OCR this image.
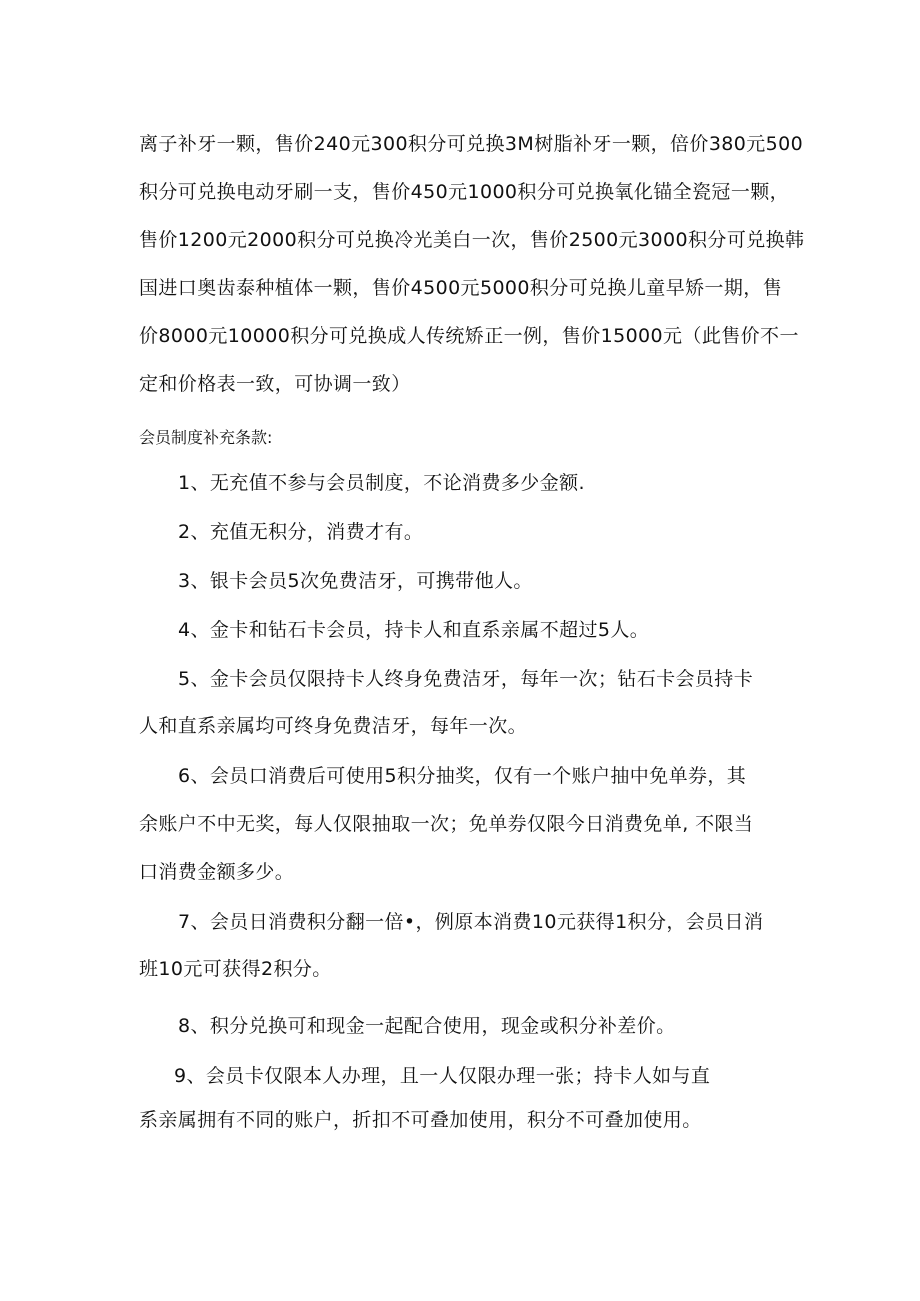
离子补牙一颗，售价240元300积分可兑换3M树脂补牙一颗，倍价380元500
积分可兑换电动牙刷一支，售价450元1000积分可兑换氧化锚全瓷冠一颗，
售价1200元2000积分可兑换冷光美白一次，售价2500元3000积分可兑换韩
国进口奥齿泰种植体一颗，售价4500元5000积分可兑换儿童早矫一期，售
价8000元10000积分可兑换成人传统矫正一例，售价15000元（此售价不一
定和价格表一致，可协调一致）
会员制度补充条款:
1、无充值不参与会员制度，不论消费多少金额.
2、充值无积分，消费才有。
3、银卡会员5次免费洁牙，可携带他人。
4、金卡和钻石卡会员，持卡人和直系亲属不超过5人。
5、金卡会员仅限持卡人终身免费洁牙，每年一次；钻石卡会员持卡
人和直系亲属均可终身免费洁牙，每年一次。
6、会员口消费后可使用5积分抽奖，仅有一个账户抽中免单券，其
余账户不中无奖，每人仅限抽取一次；免单券仅限今日消费免单, 不限当
口消费金额多少。
7、会员日消费积分翻一倍•，例原本消费10元获得1积分，会员日消
班10元可获得2积分。
8、积分兑换可和现金一起配合使用，现金或积分补差价。
9、会员卡仅限本人办理，且一人仅限办理一张；持卡人如与直
系亲属拥有不同的账户，折扣不可叠加使用，积分不可叠加使用。
